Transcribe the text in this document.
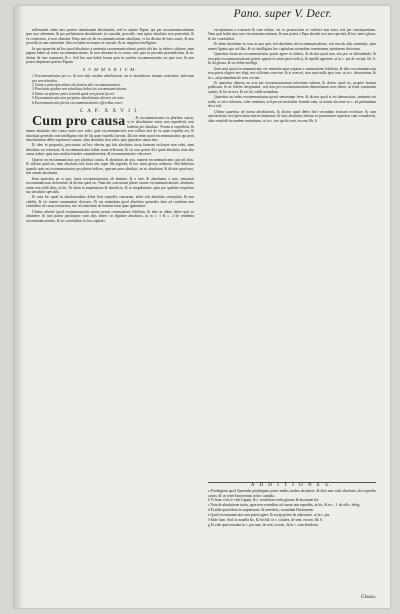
Pano. super V. Decr.

sollemniter enim uero praeter intentionem absoluentis, sed ex statuto Papae, qui per excommunicationem ipso iure obtentam, & per prelationem absolutionis in consulta, procedit; cum igitur absolutio non praecedat, & ex coniectura, si non obstante, Reus non est ab excommunicatione absolutus, vt ita dicatur de istis causis, & non procedit in uim sententiae. Ideo se habet accusatus in vinculo, & sic negatiue intelligitur.

In quo quaeritur ad hoc quod absolutus a sententia excommunicationis possit sibi hoc in iudicio obijcere, nam papam habet ab initio excommunicatione, & non obstante in ea causa, nisi quia in proceßu praeiudicium, & sic dicitur de iure communi, & c. Sed hoc non habet locum quia in casibus excommunicatio est ipso iure, & non potest dispensari praeter Papam.

S V M M A R I V M.
1 Excommunicatus pro re, & non alijs casibus absolutionis, an in absolutione tantum sententiae, habeatur pro non absoluto.
2 Canis a principio aliam electionem sibi excommunicatum.
3 Praelatus quidem non absolutus habet ius excommunicationis.
4 Tanta exceptione patet tenendi quod non potest facere.
5 Excommunicatio non perpetuo absolutionis ubi non est iuris.
6 Excommunicatio plenis excommunicationis effectibus caret.
C A P. X X V I I.

Cum pro causa , & excommunicatus ex pluribus causis, si in absolutione vnius non expreßerit, non habetur pro absoluto. Verum si expreßerit, & tamen absolutio alia causa tacita non valet, quia excommunicatio non tollitur nisi de ea quae expreßa est, & absolutio generalis non intelligitur nisi de his quae expreßa fuerunt. Dicitur enim quod excommunicatus qui petit absolutionem debet exprimere causas, alias absolutio non valet, quia ignoratur status eius.

Et ideo in proposito, procurator ad hoc electus qui fuit absolutus iuxta formam ecclesiae non valet, nam absolutio est reseruata, & excommunicatio habet suum effectum; & sic non potest dici quod absolutio data alia causa ualeat, quia tunc multae fraudes committerentur, & excommunicatio vilesceret.

Quaero an excommunicatus pro pluribus causis, & absolutus ab una, maneat excommunicatus quo ad alias. Et videtur quod sic, nam absolutio non facta nisi super illa expreßa, & hoc tenet glossa ordinaria. Sed dubitatur quando quis est excommunicatus per plures iudices, quorum unus absoluit, an sit absolutus; & dicitur quod non, nisi omnes absoluant.

Item quaeritur an si quis fuerit excommunicatus ab homine, & a iure, & absoluatur a iure, remaneat excommunicatus ab homine; & dicitur quod sic. Nam ubi concurrunt plures causae excommunicationis, absolutio unius non tollit alias, ut hic. Et idem in suspensione & interdicto, & in irregularitate, quia pro qualibet requiritur sua absolutio specialis.

Et nota hic quod in absolutionibus debet fieri expreßio causarum, aliter erit absolutio surreptitia, & non valebit, & sic tenent communiter doctores. Et est notandum quod absolutio generalis data ad cautelam non extenditur ad casus reseruatos, nec ad sententias ab homine latas quae ignorantur.

Ultimo adverte quod excommunicatio maior priuat communione fidelium, & ideo in dubio debet quis se abstinere; & non potest participare cum alijs donec sit legitime absolutus, ut in c. 1 & c. 2 de sententia excommunicationis, & sic concluditur in hoc capitulo.

exceptionem a contrario & cum ordine, cui ex possessione se conferre non esset, nisi per consequentiam. Nam quis habet ipso iure excommunicationem, & non potest a Papa absolui nisi iure speciali; & hoc tenet glossa, & hic concluditur.

Et idem dicendum in casu in quo quis fuit absolutus ab excommunicatione, sed non ab alijs sententijs, quia manet ligatus quo ad illas; & sic intelligitur hoc capitulum secundum communem opinionem doctorum.

Quaeritur etiam an excommunicatus possit agere in iudicio, & dicitur quod non, nisi pro se defendendo; & exceptio excommunicationis potest opponi in omni parte iudicij, & repellit agentem, ut in c. pia de except. lib. 6. & ibi glossa, & sic debet intelligi.

Item nota quod excommunicatio est sententia quae separat a communione fidelium, & ideo excommunicatus non potest eligere nec eligi, nec officium exercere; & si exercet, acta sunt nulla ipso iure, ut in c. decernimus, & in c. ad probandum de sent. excom.

Et quaeritur ulterius an acta per excommunicatum toleratum valeant, & dicitur quod sic, propter bonum publicum, & ne fideles decipiantur; sed acta per excommunicatum denunciatum non valent, ut tenet communis opinio, & hic in text. Et est hic valde notandum.

Quaeritur an iudex excommunicatus possit sententiam ferre, & dicitur quod si est denunciatus, sententia est nulla; si vero toleratus, valet sententia, sed peccat mortaliter ferendo eam, ut notant doctores in c. ad probandum de re iud.

Ultimo quaeritur de forma absolutionis, & dicitur quod debet fieri secundum formam ecclesiae, & cum satisfactione, nisi periculum mortis immineat; & tunc absolutus tenetur se praesentare superiori cum conualuerit, alias reincidit in eandem sententiam, ut in c. eos qui de sent. excom. lib. 6.

A D D I T I O N E S.
a Priuilegium quod Quarendo priuilegium potest multis iuribus absoluere, & ideo non valet absolutio, nisi expreßis causis; & sic tenet Innocentius in hoc capitulo.
b Vt hunc volo le vide Lapum. & c. secundum verba glossae & doctorum hic.
c Nota de absolutione tacita, quae non extenditur ad causas non expreßas, ut hic, & in c. 1. de offic. deleg.
d Et adde quod idem in suspensione, & interdicto, secundum Hostiensem.
e Quod excommunicatus non potest agere, & excipi potest ab aduersario, ut in c. pia.
f Adde Ioan. And. in nouella hic, & Archid. in c. si iudex, de sent. excom. lib. 6.
g Et vide quae notantur in c. per tuas, de sent. excom., & in c. cum desideres.
Glossa.
